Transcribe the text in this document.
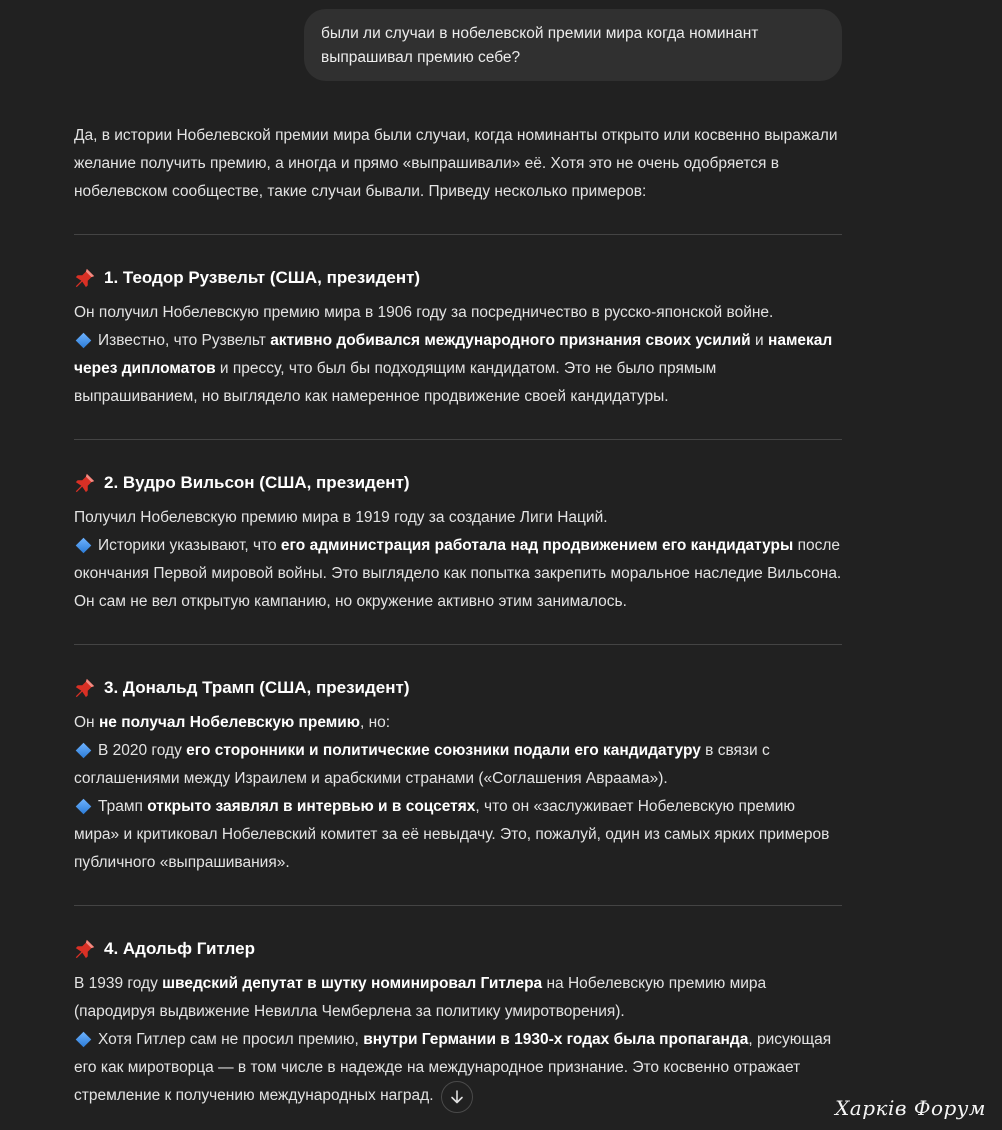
были ли случаи в нобелевской премии мира когда номинант выпрашивал премию себе?

Да, в истории Нобелевской премии мира были случаи, когда номинанты открыто или косвенно выражали желание получить премию, а иногда и прямо «выпрашивали» её. Хотя это не очень одобряется в нобелевском сообществе, такие случаи бывали. Приведу несколько примеров:

1. Теодор Рузвельт (США, президент)

Он получил Нобелевскую премию мира в 1906 году за посредничество в русско-японской войне.

Известно, что Рузвельт активно добивался международного признания своих усилий и намекал через дипломатов и прессу, что был бы подходящим кандидатом. Это не было прямым выпрашиванием, но выглядело как намеренное продвижение своей кандидатуры.

2. Вудро Вильсон (США, президент)

Получил Нобелевскую премию мира в 1919 году за создание Лиги Наций.

Историки указывают, что его администрация работала над продвижением его кандидатуры после окончания Первой мировой войны. Это выглядело как попытка закрепить моральное наследие Вильсона. Он сам не вел открытую кампанию, но окружение активно этим занималось.

3. Дональд Трамп (США, президент)

Он не получал Нобелевскую премию, но:

В 2020 году его сторонники и политические союзники подали его кандидатуру в связи с соглашениями между Израилем и арабскими странами («Соглашения Авраама»).

Трамп открыто заявлял в интервью и в соцсетях, что он «заслуживает Нобелевскую премию мира» и критиковал Нобелевский комитет за её невыдачу. Это, пожалуй, один из самых ярких примеров публичного «выпрашивания».

4. Адольф Гитлер

В 1939 году шведский депутат в шутку номинировал Гитлера на Нобелевскую премию мира (пародируя выдвижение Невилла Чемберлена за политику умиротворения).

Хотя Гитлер сам не просил премию, внутри Германии в 1930-х годах была пропаганда, рисующая его как миротворца — в том числе в надежде на международное признание. Это косвенно отражает стремление к получению международных наград.

Харків Форум
